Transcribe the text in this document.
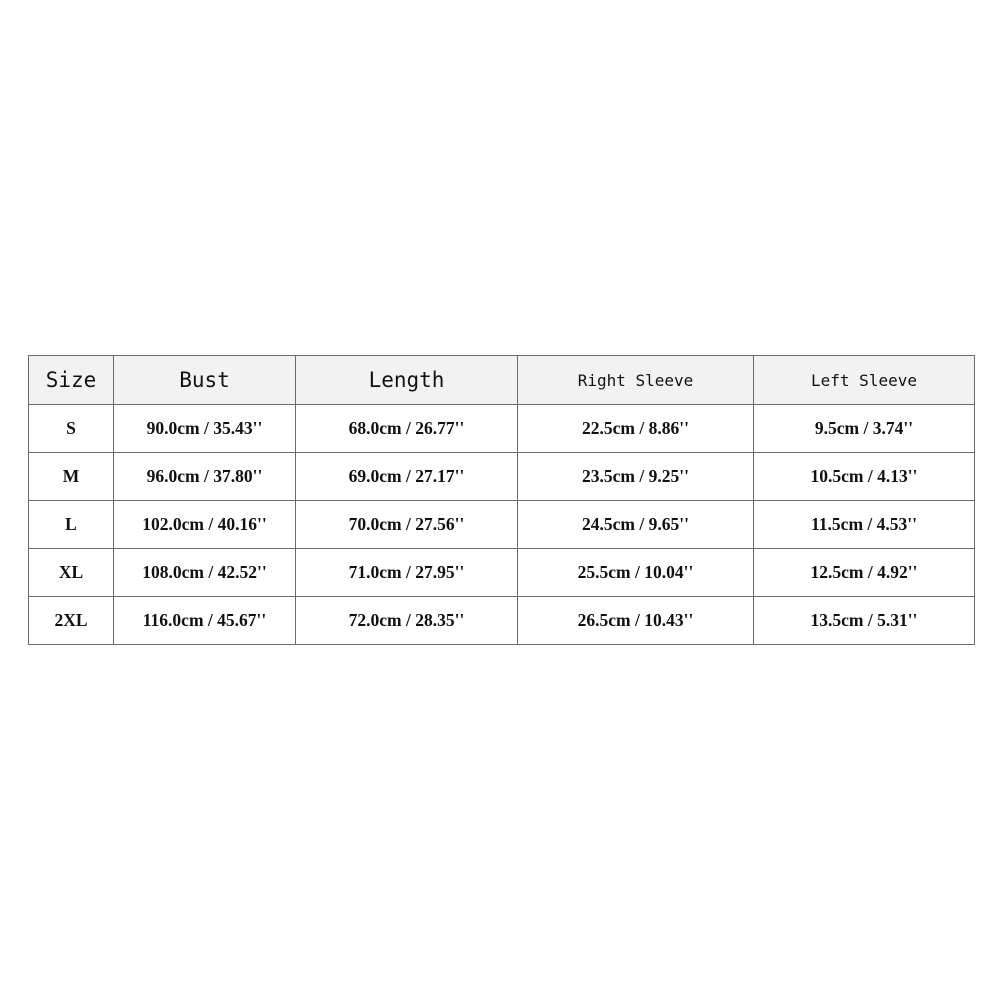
Size	Bust	Length	Right Sleeve	Left Sleeve
S	90.0cm / 35.43''	68.0cm / 26.77''	22.5cm / 8.86''	9.5cm / 3.74''
M	96.0cm / 37.80''	69.0cm / 27.17''	23.5cm / 9.25''	10.5cm / 4.13''
L	102.0cm / 40.16''	70.0cm / 27.56''	24.5cm / 9.65''	11.5cm / 4.53''
XL	108.0cm / 42.52''	71.0cm / 27.95''	25.5cm / 10.04''	12.5cm / 4.92''
2XL	116.0cm / 45.67''	72.0cm / 28.35''	26.5cm / 10.43''	13.5cm / 5.31''
